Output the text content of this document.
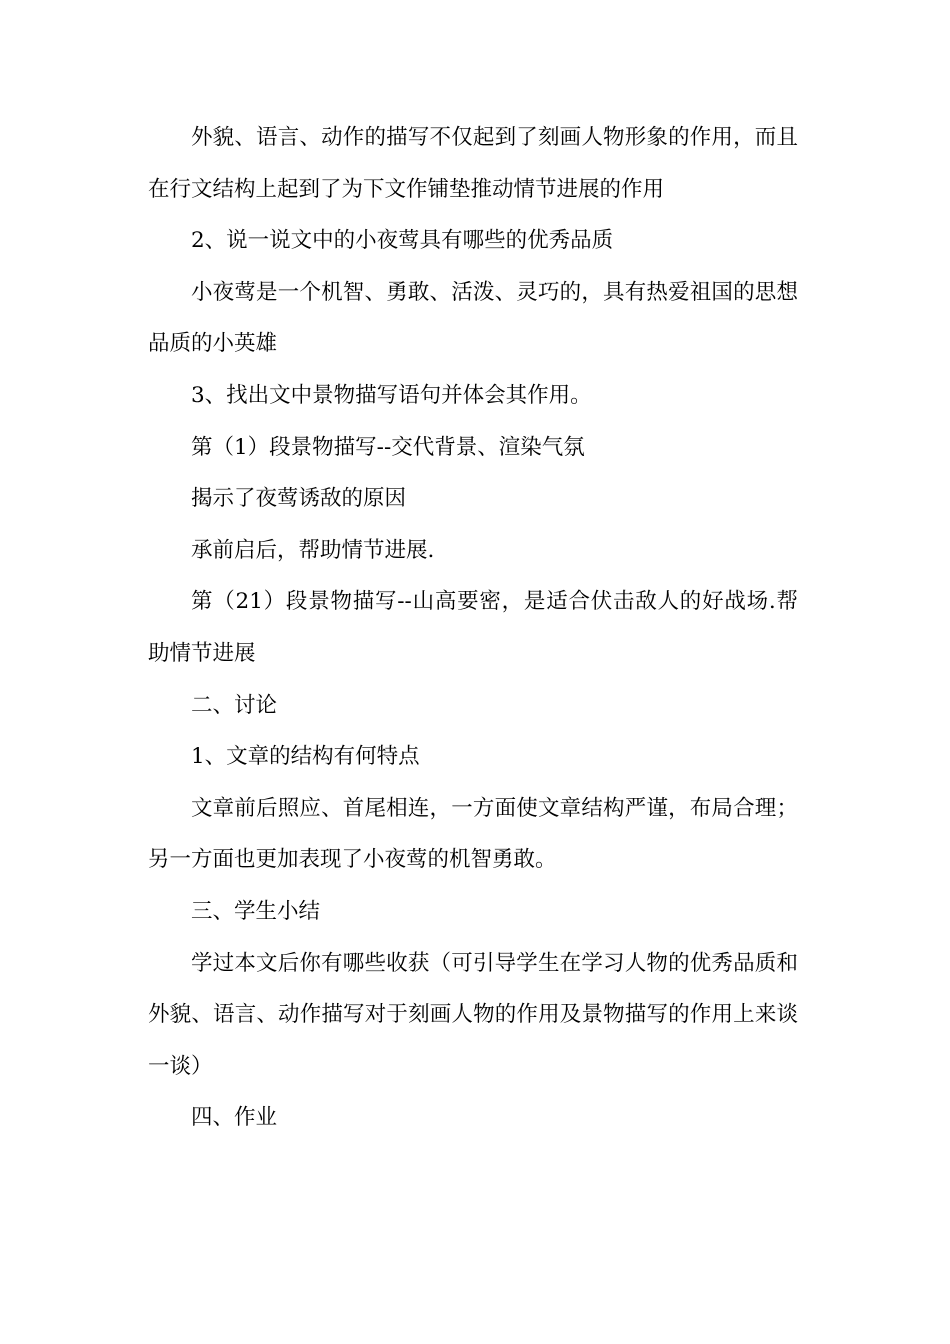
外貌、语言、动作的描写不仅起到了刻画人物形象的作用，而且在行文结构上起到了为下文作铺垫推动情节进展的作用

2、说一说文中的小夜莺具有哪些的优秀品质

小夜莺是一个机智、勇敢、活泼、灵巧的，具有热爱祖国的思想品质的小英雄

3、找出文中景物描写语句并体会其作用。

第（1）段景物描写--交代背景、渲染气氛

揭示了夜莺诱敌的原因

承前启后，帮助情节进展.

第（21）段景物描写--山高要密，是适合伏击敌人的好战场.帮助情节进展

二、讨论

1、文章的结构有何特点

文章前后照应、首尾相连，一方面使文章结构严谨，布局合理；另一方面也更加表现了小夜莺的机智勇敢。

三、学生小结

学过本文后你有哪些收获（可引导学生在学习人物的优秀品质和外貌、语言、动作描写对于刻画人物的作用及景物描写的作用上来谈一谈）

四、作业
